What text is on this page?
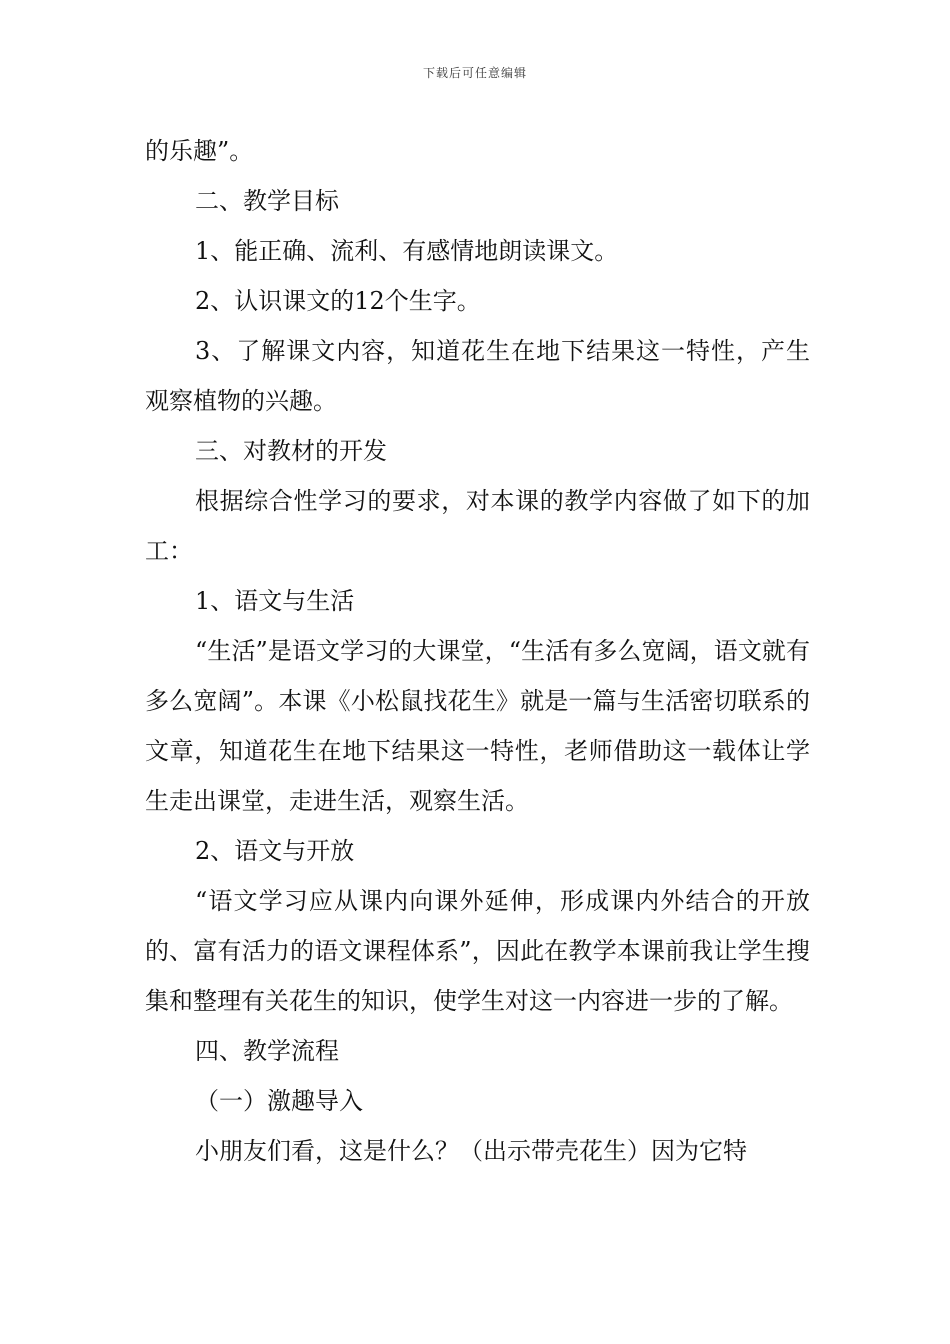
下载后可任意编辑

的乐趣”。

二、教学目标

1、能正确、流利、有感情地朗读课文。

2、认识课文的12个生字。

3、了解课文内容，知道花生在地下结果这一特性，产生观察植物的兴趣。

三、对教材的开发

根据综合性学习的要求，对本课的教学内容做了如下的加工：

1、语文与生活

“生活”是语文学习的大课堂，“生活有多么宽阔，语文就有多么宽阔”。本课《小松鼠找花生》就是一篇与生活密切联系的文章，知道花生在地下结果这一特性，老师借助这一载体让学生走出课堂，走进生活，观察生活。

2、语文与开放

“语文学习应从课内向课外延伸，形成课内外结合的开放的、富有活力的语文课程体系”，因此在教学本课前我让学生搜集和整理有关花生的知识，使学生对这一内容进一步的了解。

四、教学流程

（一）激趣导入

小朋友们看，这是什么？（出示带壳花生）因为它特
